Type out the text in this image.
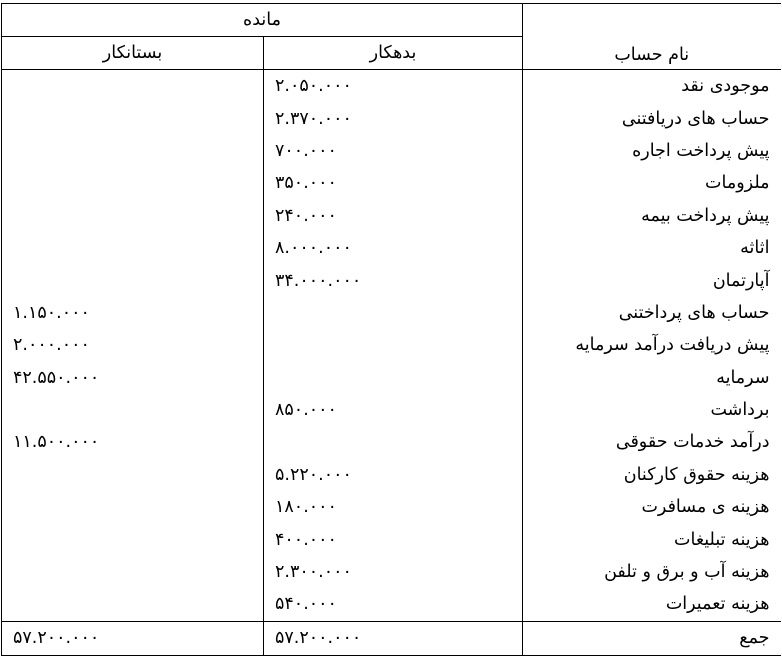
نام حساب	مانده	
	بدهکار	بستانکار
موجودی نقد	۲.۰۵۰.۰۰۰	
حساب های دریافتنی	۲.۳۷۰.۰۰۰	
پیش پرداخت اجاره	۷۰۰.۰۰۰	
ملزومات	۳۵۰.۰۰۰	
پیش پرداخت بیمه	۲۴۰.۰۰۰	
اثاثه	۸.۰۰۰.۰۰۰	
آپارتمان	۳۴.۰۰۰.۰۰۰	
حساب های پرداختنی		۱.۱۵۰.۰۰۰
پیش دریافت درآمد سرمایه		۲.۰۰۰.۰۰۰
سرمایه		۴۲.۵۵۰.۰۰۰
برداشت	۸۵۰.۰۰۰	
درآمد خدمات حقوقی		۱۱.۵۰۰.۰۰۰
هزینه حقوق کارکنان	۵.۲۲۰.۰۰۰	
هزینه ی مسافرت	۱۸۰.۰۰۰	
هزینه تبلیغات	۴۰۰.۰۰۰	
هزینه آب و برق و تلفن	۲.۳۰۰.۰۰۰	
هزینه تعمیرات	۵۴۰.۰۰۰	
جمع	۵۷.۲۰۰.۰۰۰	۵۷.۲۰۰.۰۰۰
